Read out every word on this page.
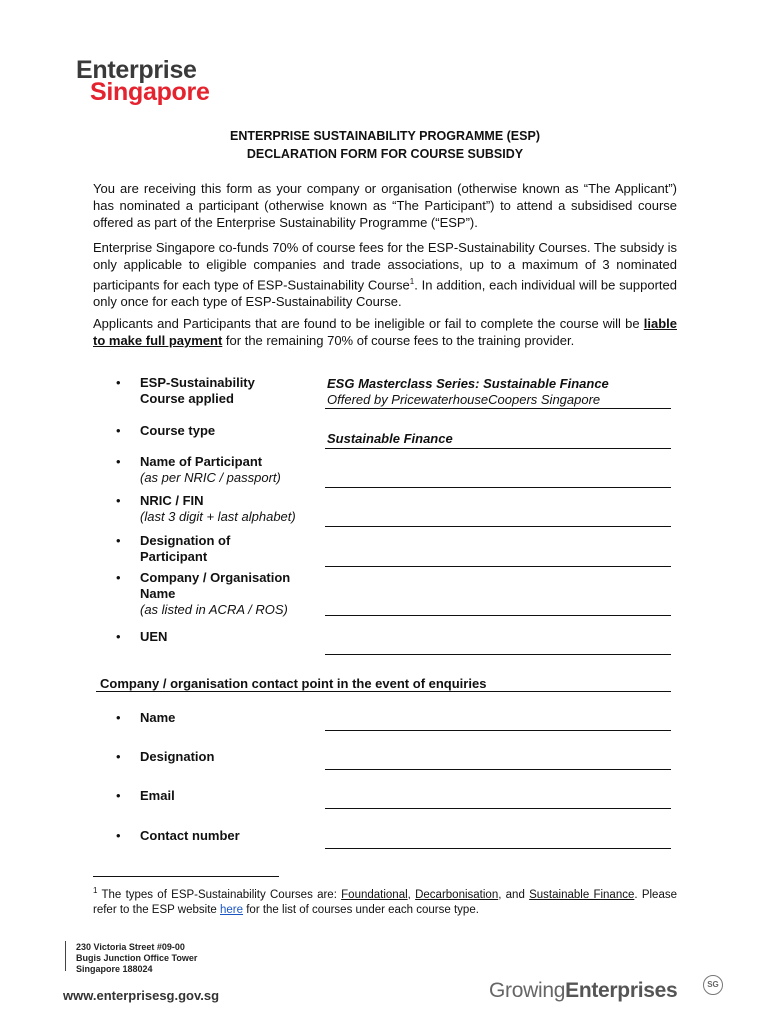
Enterprise
Singapore
ENTERPRISE SUSTAINABILITY PROGRAMME (ESP)
DECLARATION FORM FOR COURSE SUBSIDY
You are receiving this form as your company or organisation (otherwise known as “The Applicant”) has nominated a participant (otherwise known as “The Participant”) to attend a subsidised course offered as part of the Enterprise Sustainability Programme (“ESP”).
Enterprise Singapore co-funds 70% of course fees for the ESP-Sustainability Courses. The subsidy is only applicable to eligible companies and trade associations, up to a maximum of 3 nominated participants for each type of ESP-Sustainability Course$^1$. In addition, each individual will be supported only once for each type of ESP-Sustainability Course.
Applicants and Participants that are found to be ineligible or fail to complete the course will be liable to make full payment for the remaining 70% of course fees to the training provider.
• ESP-Sustainability
Course applied
ESG Masterclass Series: Sustainable Finance
Offered by PricewaterhouseCoopers Singapore
• Course type
Sustainable Finance
• Name of Participant
(as per NRIC / passport)
• NRIC / FIN
(last 3 digit + last alphabet)
• Designation of
Participant
• Company / Organisation
Name
(as listed in ACRA / ROS)
• UEN
Company / organisation contact point in the event of enquiries
• Name
• Designation
• Email
• Contact number
$^1$ The types of ESP-Sustainability Courses are: Foundational, Decarbonisation, and Sustainable Finance. Please refer to the ESP website here for the list of courses under each course type.
230 Victoria Street #09-00
Bugis Junction Office Tower
Singapore 188024
www.enterprisesg.gov.sg	GrowingEnterprises	SG
